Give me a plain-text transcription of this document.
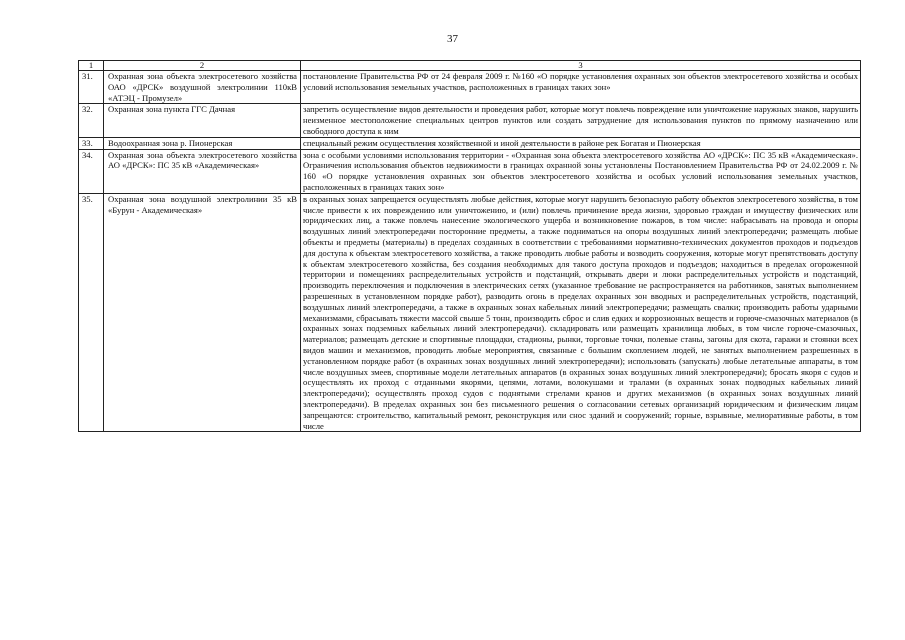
37
1	2	3
31.	Охранная зона объекта электросетевого хозяйства ОАО «ДРСК» воздушной электролинии 110кВ «АТЭЦ - Промузел»	постановление Правительства РФ от 24 февраля 2009 г. №160 «О порядке установления охранных зон объектов электросетевого хозяйства и особых условий использования земельных участков, расположенных в границах таких зон»
32.	Охранная зона пункта ГГС Дачная	запретить осуществление видов деятельности и проведения работ, которые могут повлечь повреждение или уничтожение наружных знаков, нарушить неизменное местоположение специальных центров пунктов или создать затруднение для использования пунктов по прямому назначению или свободного доступа к ним
33.	Водоохранная зона р. Пионерская	специальный режим осуществления хозяйственной и иной деятельности в районе рек Богатая и Пионерская
34.	Охранная зона объекта электросетевого хозяйства АО «ДРСК»: ПС 35 кВ «Академическая»	зона с особыми условиями использования территории - «Охранная зона объекта электросетевого хозяйства АО «ДРСК»: ПС 35 кВ «Академическая». Ограничения использования объектов недвижимости в границах охранной зоны установлены Постановлением Правительства РФ от 24.02.2009 г. № 160 «О порядке установления охранных зон объектов электросетевого хозяйства и особых условий использования земельных участков, расположенных в границах таких зон»
35.	Охранная зона воздушной электролинии 35 кВ «Бурун - Академическая»	в охранных зонах запрещается осуществлять любые действия, которые могут нарушить безопасную работу объектов электросетевого хозяйства, в том числе привести к их повреждению или уничтожению, и (или) повлечь причинение вреда жизни, здоровью граждан и имуществу физических или юридических лиц, а также повлечь нанесение экологического ущерба и возникновение пожаров, в том числе: набрасывать на провода и опоры воздушных линий электропередачи посторонние предметы, а также подниматься на опоры воздушных линий электропередачи; размещать любые объекты и предметы (материалы) в пределах созданных в соответствии с требованиями нормативно-технических документов проходов и подъездов для доступа к объектам электросетевого хозяйства, а также проводить любые работы и возводить сооружения, которые могут препятствовать доступу к объектам электросетевого хозяйства, без создания необходимых для такого доступа проходов и подъездов; находиться в пределах огороженной территории и помещениях распределительных устройств и подстанций, открывать двери и люки распределительных устройств и подстанций, производить переключения и подключения в электрических сетях (указанное требование не распространяется на работников, занятых выполнением разрешенных в установленном порядке работ), разводить огонь в пределах охранных зон вводных и распределительных устройств, подстанций, воздушных линий электропередачи, а также в охранных зонах кабельных линий электропередачи; размещать свалки; производить работы ударными механизмами, сбрасывать тяжести массой свыше 5 тонн, производить сброс и слив едких и коррозионных веществ и горюче-смазочных материалов (в охранных зонах подземных кабельных линий электропередачи). складировать или размещать хранилища любых, в том числе горюче-смазочных, материалов; размещать детские и спортивные площадки, стадионы, рынки, торговые точки, полевые станы, загоны для скота, гаражи и стоянки всех видов машин и механизмов, проводить любые мероприятия, связанные с большим скоплением людей, не занятых выполнением разрешенных в установленном порядке работ (в охранных зонах воздушных линий электропередачи); использовать (запускать) любые летательные аппараты, в том числе воздушных змеев, спортивные модели летательных аппаратов (в охранных зонах воздушных линий электропередачи); бросать якоря с судов и осуществлять их проход с отданными якорями, цепями, лотами, волокушами и тралами (в охранных зонах подводных кабельных линий электропередачи); осуществлять проход судов с поднятыми стрелами кранов и других механизмов (в охранных зонах воздушных линий электропередачи). В пределах охранных зон без письменного решения о согласовании сетевых организаций юридическим и физическим лицам запрещаются: строительство, капитальный ремонт, реконструкция или снос зданий и сооружений; горные, взрывные, мелиоративные работы, в том числе
